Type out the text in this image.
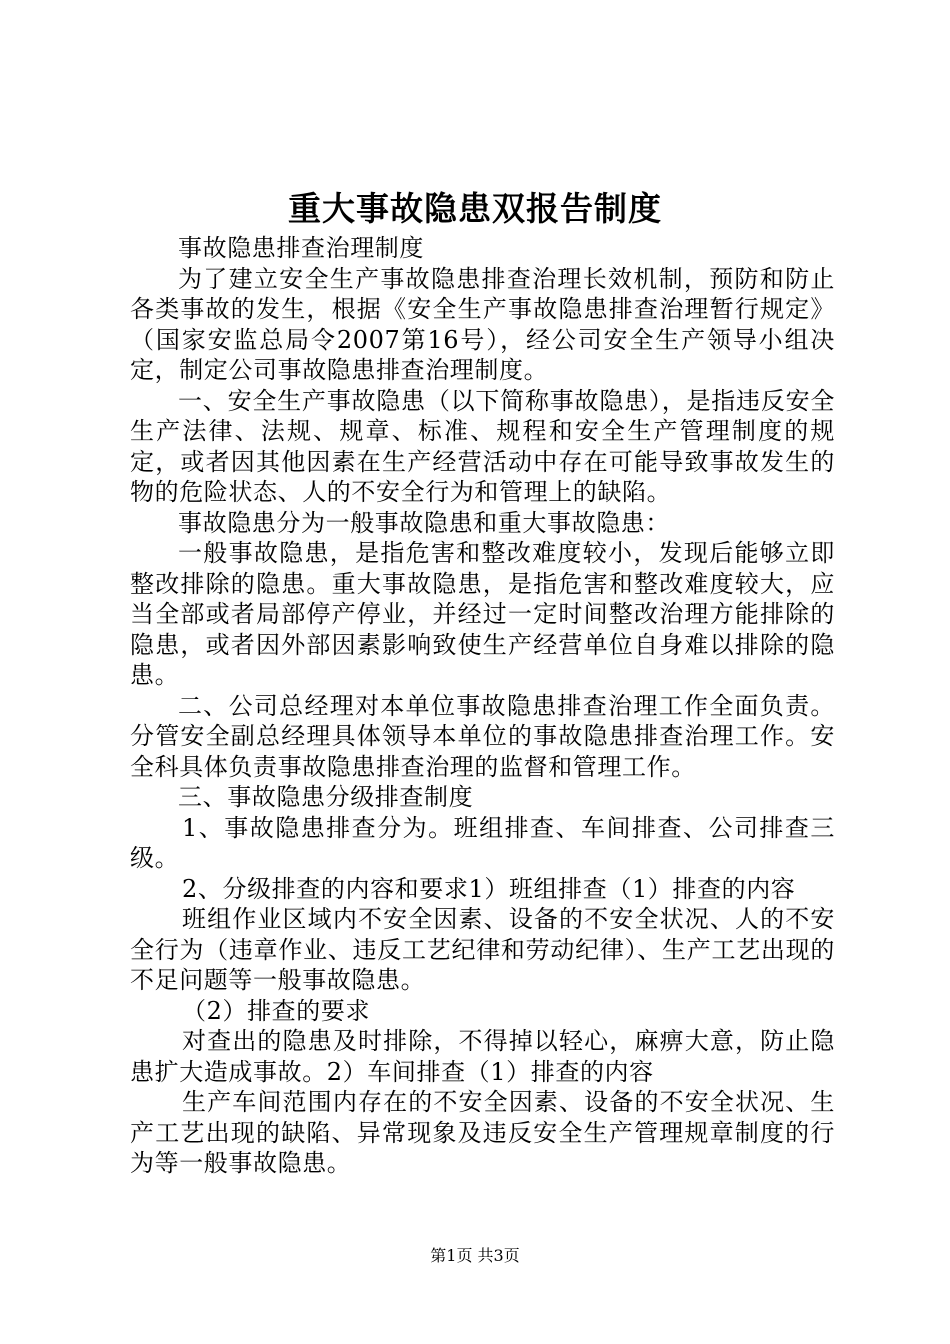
重大事故隐患双报告制度

事故隐患排查治理制度

为了建立安全生产事故隐患排查治理长效机制，预防和防止各类事故的发生，根据《安全生产事故隐患排查治理暂行规定》（国家安监总局令2007第16号），经公司安全生产领导小组决定，制定公司事故隐患排查治理制度。

一、安全生产事故隐患（以下简称事故隐患），是指违反安全生产法律、法规、规章、标准、规程和安全生产管理制度的规定，或者因其他因素在生产经营活动中存在可能导致事故发生的物的危险状态、人的不安全行为和管理上的缺陷。

事故隐患分为一般事故隐患和重大事故隐患：

一般事故隐患，是指危害和整改难度较小，发现后能够立即整改排除的隐患。重大事故隐患，是指危害和整改难度较大，应当全部或者局部停产停业，并经过一定时间整改治理方能排除的隐患，或者因外部因素影响致使生产经营单位自身难以排除的隐患。

二、公司总经理对本单位事故隐患排查治理工作全面负责。分管安全副总经理具体领导本单位的事故隐患排查治理工作。安全科具体负责事故隐患排查治理的监督和管理工作。

三、事故隐患分级排查制度

1、事故隐患排查分为。班组排查、车间排查、公司排查三级。

2、分级排查的内容和要求1）班组排查（1）排查的内容

班组作业区域内不安全因素、设备的不安全状况、人的不安全行为（违章作业、违反工艺纪律和劳动纪律）、生产工艺出现的不足问题等一般事故隐患。

（2）排查的要求

对查出的隐患及时排除，不得掉以轻心，麻痹大意，防止隐患扩大造成事故。2）车间排查（1）排查的内容

生产车间范围内存在的不安全因素、设备的不安全状况、生产工艺出现的缺陷、异常现象及违反安全生产管理规章制度的行为等一般事故隐患。

第1页 共3页
